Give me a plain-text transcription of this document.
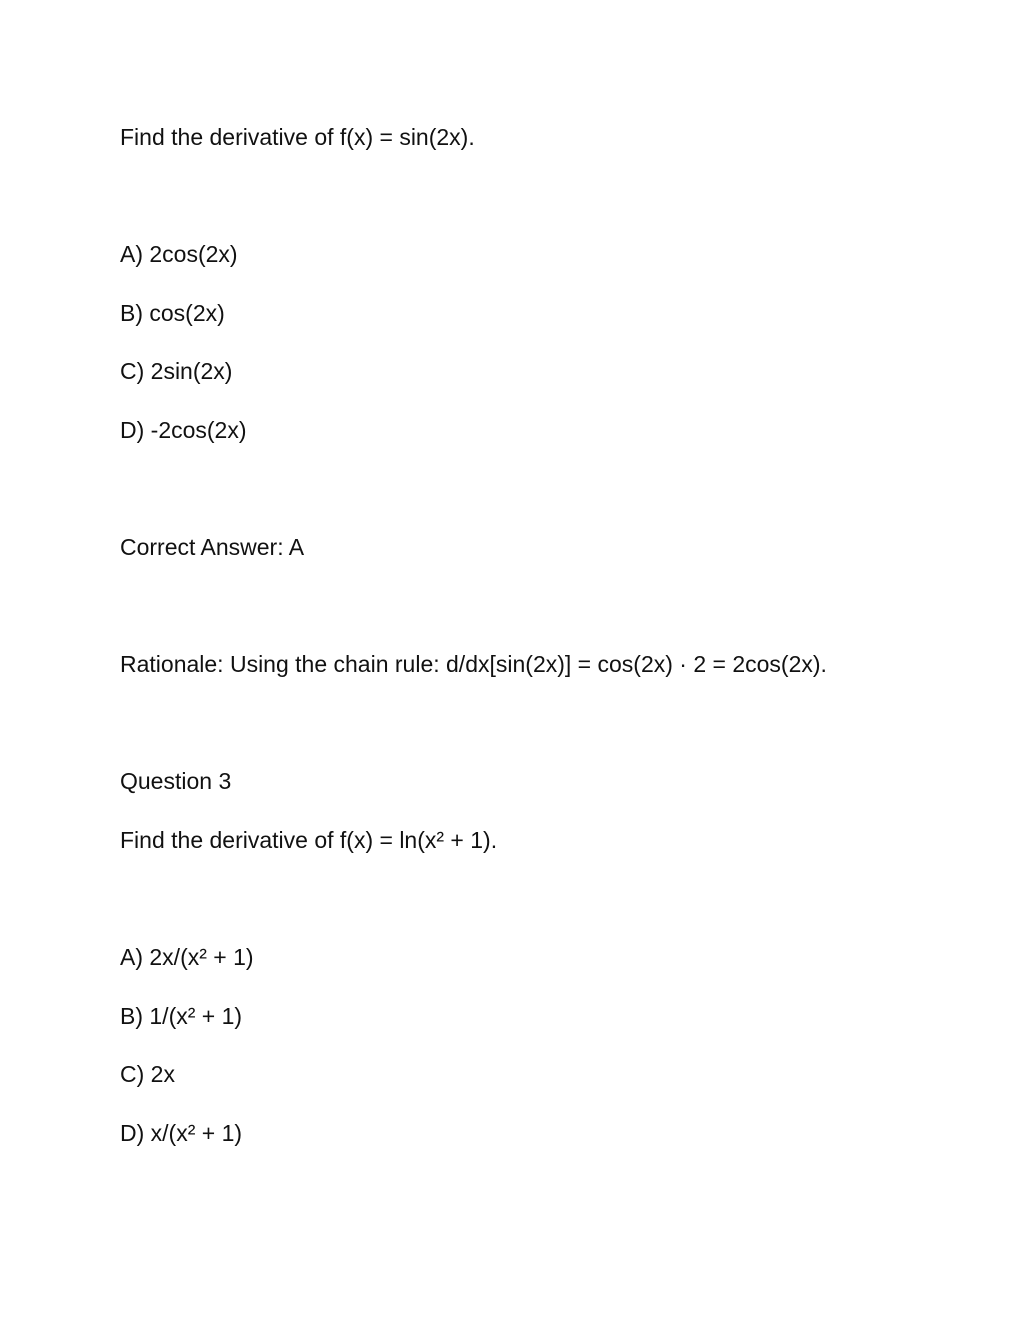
Find the derivative of f(x) = sin(2x).
A) 2cos(2x)
B) cos(2x)
C) 2sin(2x)
D) -2cos(2x)
Correct Answer: A
Rationale: Using the chain rule: d/dx[sin(2x)] = cos(2x) · 2 = 2cos(2x).
Question 3
Find the derivative of f(x) = ln(x² + 1).
A) 2x/(x² + 1)
B) 1/(x² + 1)
C) 2x
D) x/(x² + 1)
